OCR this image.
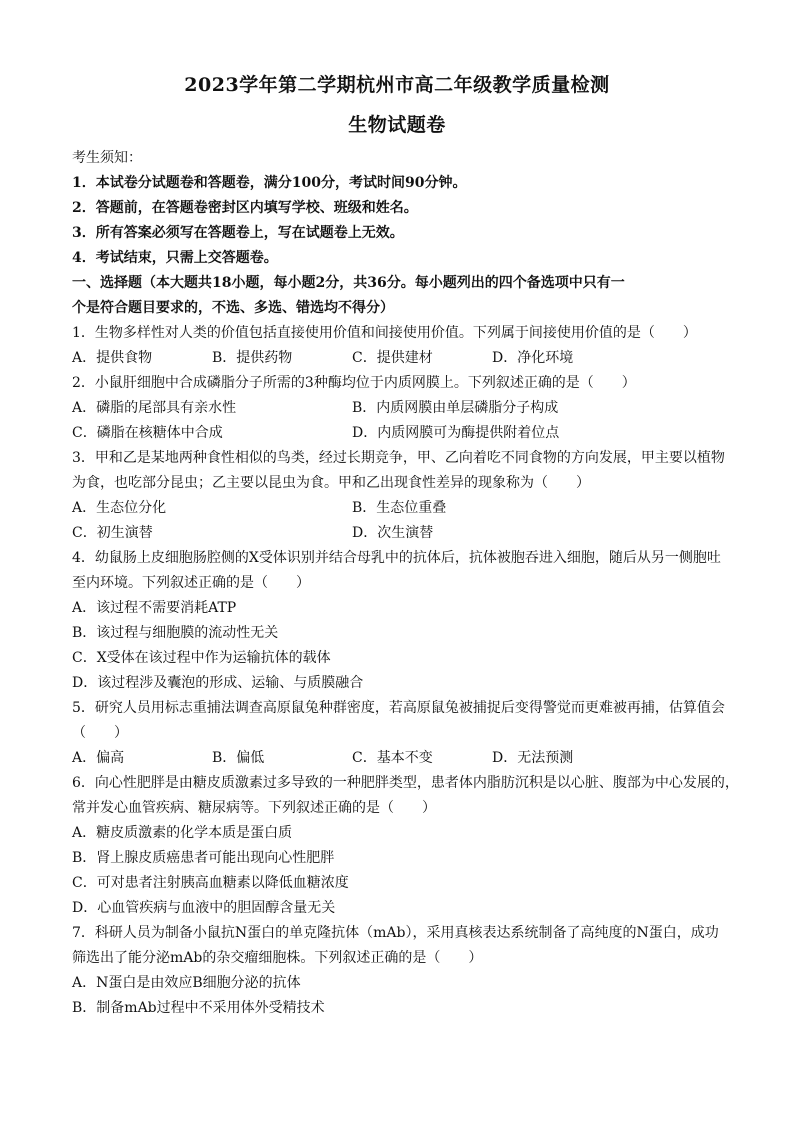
2023学年第二学期杭州市高二年级教学质量检测
生物试题卷
考生须知：
1．本试卷分试题卷和答题卷，满分100分，考试时间90分钟。
2．答题前，在答题卷密封区内填写学校、班级和姓名。
3．所有答案必须写在答题卷上，写在试题卷上无效。
4．考试结束，只需上交答题卷。
一、选择题（本大题共18小题，每小题2分，共36分。每小题列出的四个备选项中只有一
个是符合题目要求的，不选、多选、错选均不得分）
1．生物多样性对人类的价值包括直接使用价值和间接使用价值。下列属于间接使用价值的是（　　）
A．提供食物	B．提供药物	C．提供建材	D．净化环境
2．小鼠肝细胞中合成磷脂分子所需的3种酶均位于内质网膜上。下列叙述正确的是（　　）
A．磷脂的尾部具有亲水性	B．内质网膜由单层磷脂分子构成
C．磷脂在核糖体中合成	D．内质网膜可为酶提供附着位点
3．甲和乙是某地两种食性相似的鸟类，经过长期竞争，甲、乙向着吃不同食物的方向发展，甲主要以植物
为食，也吃部分昆虫；乙主要以昆虫为食。甲和乙出现食性差异的现象称为（　　）
A．生态位分化	B．生态位重叠
C．初生演替	D．次生演替
4．幼鼠肠上皮细胞肠腔侧的X受体识别并结合母乳中的抗体后，抗体被胞吞进入细胞，随后从另一侧胞吐
至内环境。下列叙述正确的是（　　）
A．该过程不需要消耗ATP
B．该过程与细胞膜的流动性无关
C．X受体在该过程中作为运输抗体的载体
D．该过程涉及囊泡的形成、运输、与质膜融合
5．研究人员用标志重捕法调查高原鼠兔种群密度，若高原鼠兔被捕捉后变得警觉而更难被再捕，估算值会
（　　）
A．偏高	B．偏低	C．基本不变	D．无法预测
6．向心性肥胖是由糖皮质激素过多导致的一种肥胖类型，患者体内脂肪沉积是以心脏、腹部为中心发展的，
常并发心血管疾病、糖尿病等。下列叙述正确的是（　　）
A．糖皮质激素的化学本质是蛋白质
B．肾上腺皮质癌患者可能出现向心性肥胖
C．可对患者注射胰高血糖素以降低血糖浓度
D．心血管疾病与血液中的胆固醇含量无关
7．科研人员为制备小鼠抗N蛋白的单克隆抗体（mAb），采用真核表达系统制备了高纯度的N蛋白，成功
筛选出了能分泌mAb的杂交瘤细胞株。下列叙述正确的是（　　）
A．N蛋白是由效应B细胞分泌的抗体
B．制备mAb过程中不采用体外受精技术
